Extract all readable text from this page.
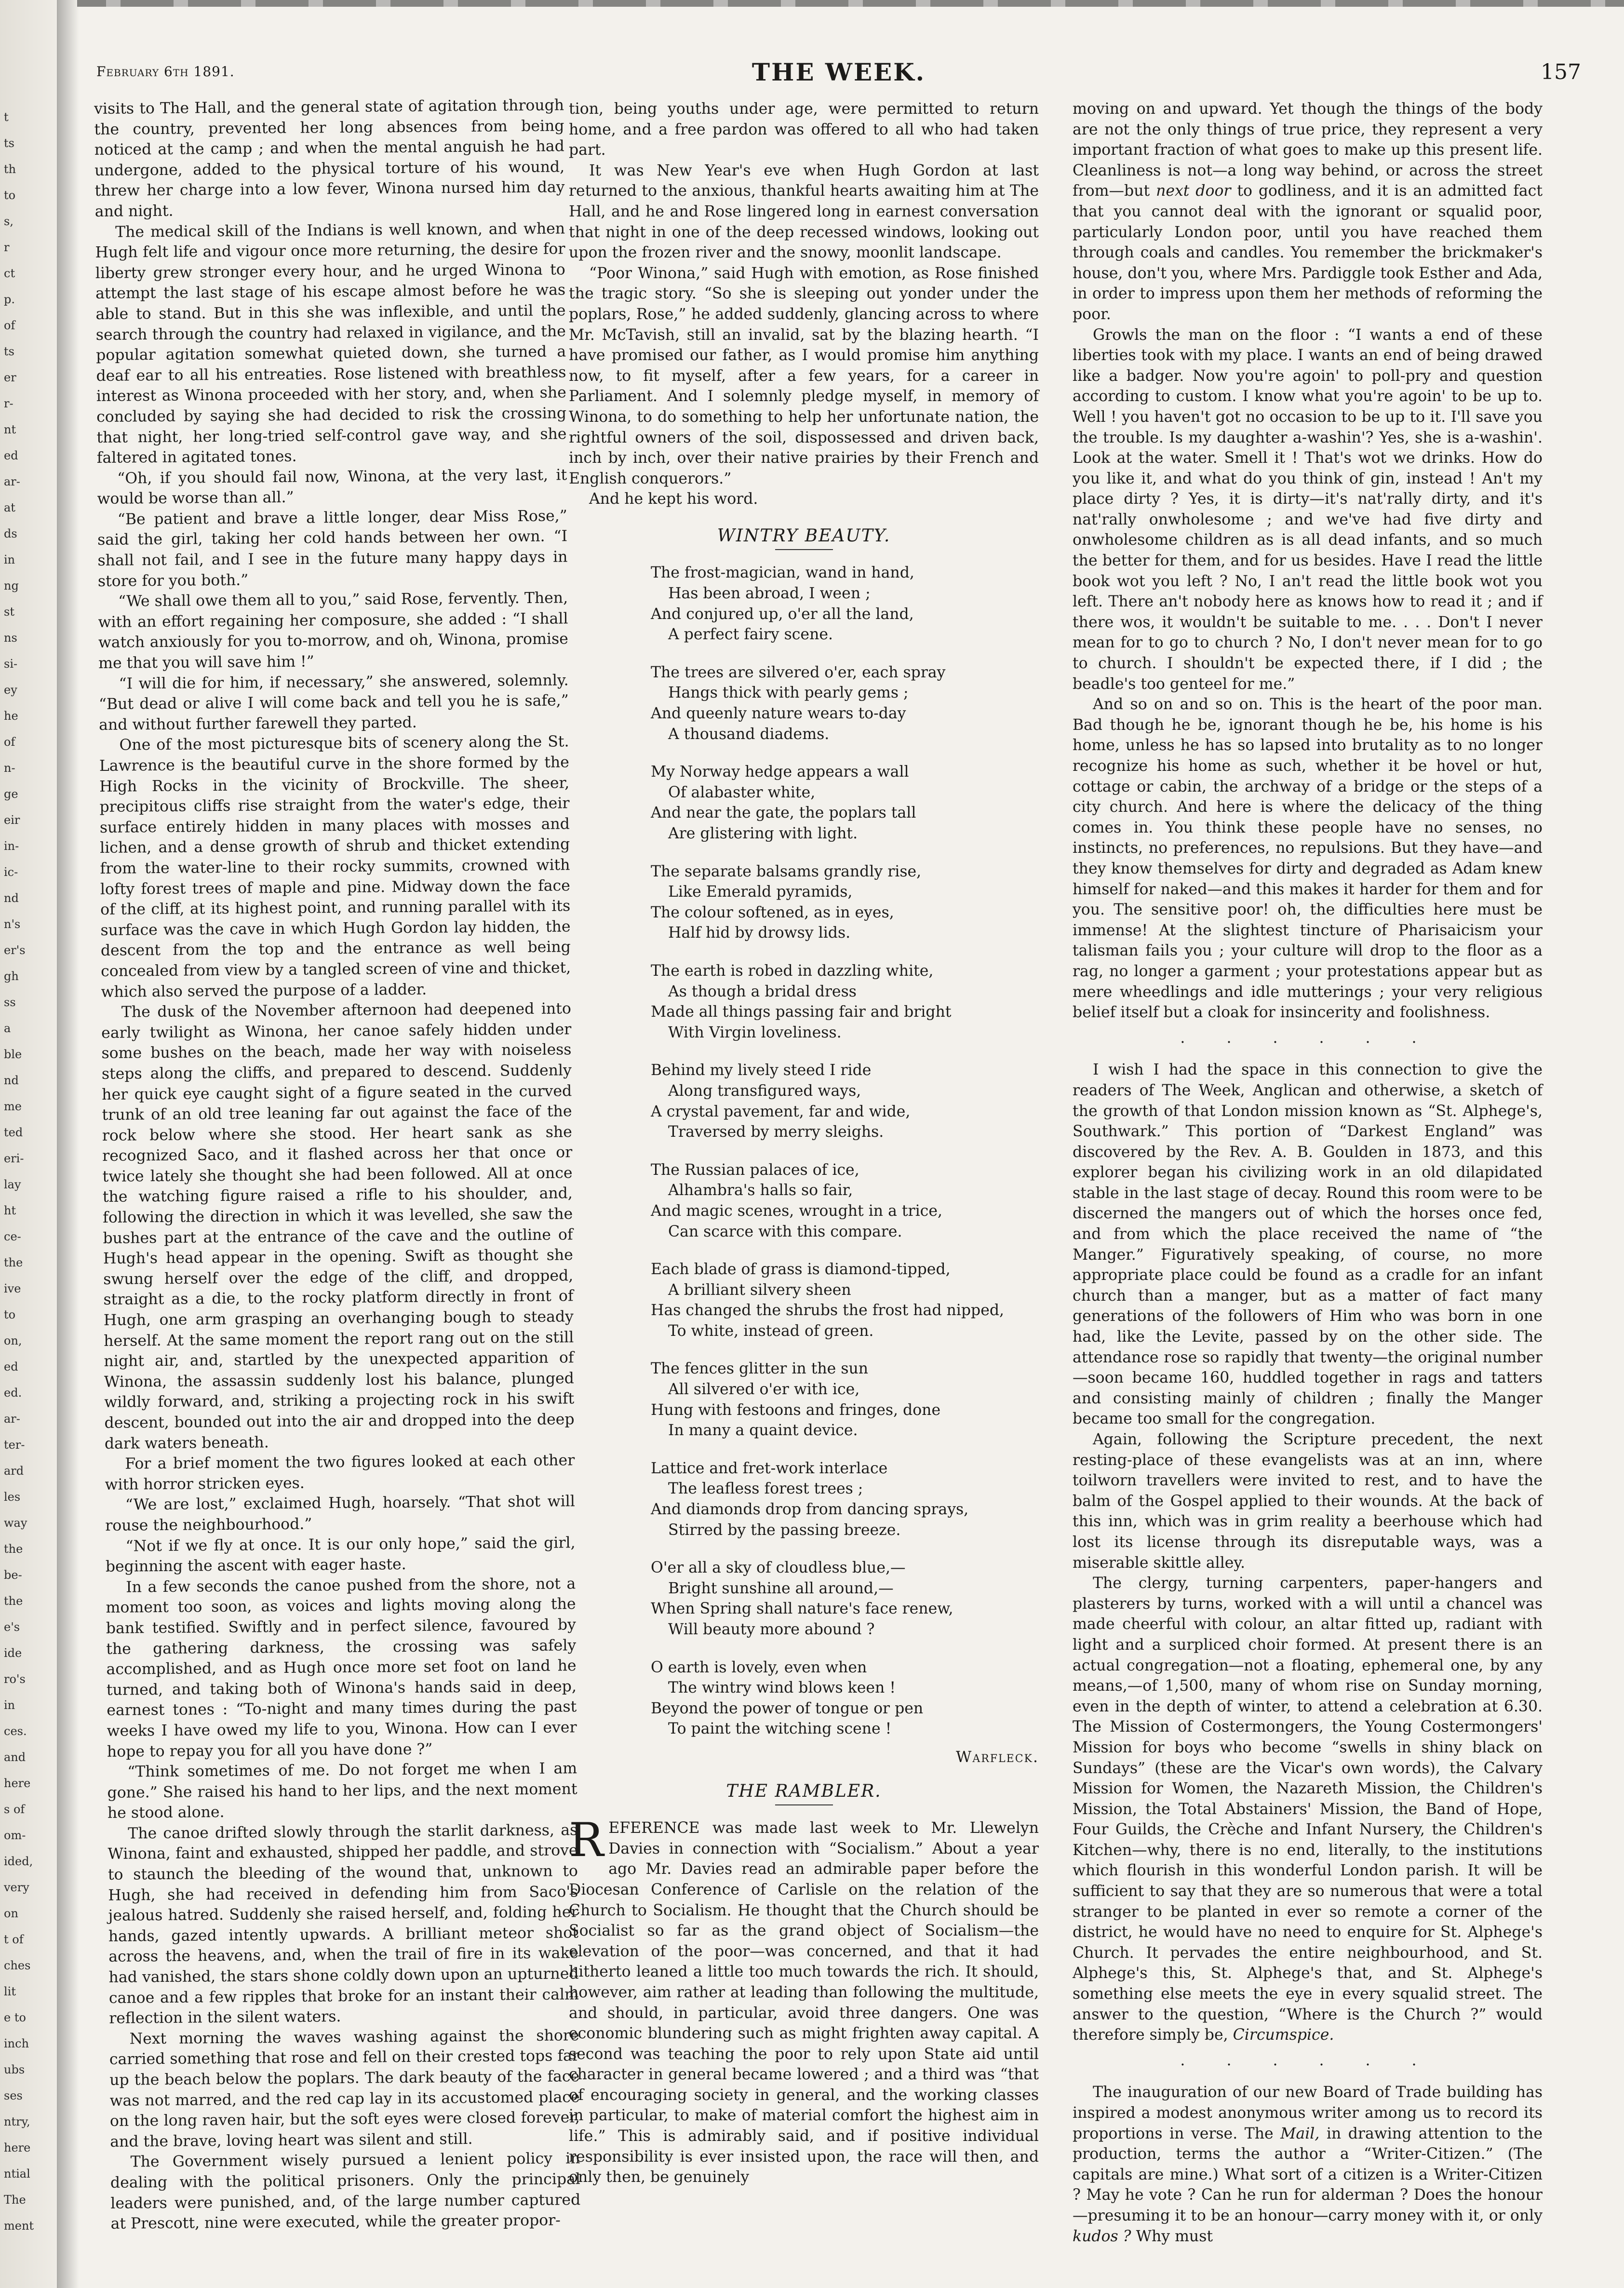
t
ts
th
to
s,
r
ct
p.
of
ts
er
r-
nt
ed
ar-
at
ds
in
ng
st
ns
si-
ey
he
of
n-
ge
eir
in-
ic-
nd
n's
er's
gh
ss
a
ble
nd
me
ted
eri-
lay
ht
ce-
the
ive
to
on,
ed
ed.
ar-
ter-
ard
les
way
the
be-
the
e's
ide
ro's
in
ces.
and
here
s of
om-
ided,
very
on
t of
ches
lit
e to
inch
ubs
ses
ntry,
here
ntial
The
ment
February 6th 1891.	THE WEEK.	157

visits to The Hall, and the general state of agitation through the country, prevented her long absences from being noticed at the camp ; and when the mental anguish he had undergone, added to the physical torture of his wound, threw her charge into a low fever, Winona nursed him day and night.

The medical skill of the Indians is well known, and when Hugh felt life and vigour once more returning, the desire for liberty grew stronger every hour, and he urged Winona to attempt the last stage of his escape almost before he was able to stand. But in this she was inflexible, and until the search through the country had relaxed in vigilance, and the popular agitation somewhat quieted down, she turned a deaf ear to all his entreaties. Rose listened with breathless interest as Winona proceeded with her story, and, when she concluded by saying she had decided to risk the crossing that night, her long-tried self-control gave way, and she faltered in agitated tones.

“Oh, if you should fail now, Winona, at the very last, it would be worse than all.”

“Be patient and brave a little longer, dear Miss Rose,” said the girl, taking her cold hands between her own. “I shall not fail, and I see in the future many happy days in store for you both.”

“We shall owe them all to you,” said Rose, fervently. Then, with an effort regaining her composure, she added : “I shall watch anxiously for you to-morrow, and oh, Winona, promise me that you will save him !”

“I will die for him, if necessary,” she answered, solemnly. “But dead or alive I will come back and tell you he is safe,” and without further farewell they parted.

One of the most picturesque bits of scenery along the St. Lawrence is the beautiful curve in the shore formed by the High Rocks in the vicinity of Brockville. The sheer, precipitous cliffs rise straight from the water's edge, their surface entirely hidden in many places with mosses and lichen, and a dense growth of shrub and thicket extending from the water-line to their rocky summits, crowned with lofty forest trees of maple and pine. Midway down the face of the cliff, at its highest point, and running parallel with its surface was the cave in which Hugh Gordon lay hidden, the descent from the top and the entrance as well being concealed from view by a tangled screen of vine and thicket, which also served the purpose of a ladder.

The dusk of the November afternoon had deepened into early twilight as Winona, her canoe safely hidden under some bushes on the beach, made her way with noiseless steps along the cliffs, and prepared to descend. Suddenly her quick eye caught sight of a figure seated in the curved trunk of an old tree leaning far out against the face of the rock below where she stood. Her heart sank as she recognized Saco, and it flashed across her that once or twice lately she thought she had been followed. All at once the watching figure raised a rifle to his shoulder, and, following the direction in which it was levelled, she saw the bushes part at the entrance of the cave and the outline of Hugh's head appear in the opening. Swift as thought she swung herself over the edge of the cliff, and dropped, straight as a die, to the rocky platform directly in front of Hugh, one arm grasping an overhanging bough to steady herself. At the same moment the report rang out on the still night air, and, startled by the unexpected apparition of Winona, the assassin suddenly lost his balance, plunged wildly forward, and, striking a projecting rock in his swift descent, bounded out into the air and dropped into the deep dark waters beneath.

For a brief moment the two figures looked at each other with horror stricken eyes.

“We are lost,” exclaimed Hugh, hoarsely. “That shot will rouse the neighbourhood.”

“Not if we fly at once. It is our only hope,” said the girl, beginning the ascent with eager haste.

In a few seconds the canoe pushed from the shore, not a moment too soon, as voices and lights moving along the bank testified. Swiftly and in perfect silence, favoured by the gathering darkness, the crossing was safely accomplished, and as Hugh once more set foot on land he turned, and taking both of Winona's hands said in deep, earnest tones : “To-night and many times during the past weeks I have owed my life to you, Winona. How can I ever hope to repay you for all you have done ?”

“Think sometimes of me. Do not forget me when I am gone.” She raised his hand to her lips, and the next moment he stood alone.

The canoe drifted slowly through the starlit darkness, as Winona, faint and exhausted, shipped her paddle, and strove to staunch the bleeding of the wound that, unknown to Hugh, she had received in defending him from Saco's jealous hatred. Suddenly she raised herself, and, folding her hands, gazed intently upwards. A brilliant meteor shot across the heavens, and, when the trail of fire in its wake had vanished, the stars shone coldly down upon an upturned canoe and a few ripples that broke for an instant their calm reflection in the silent waters.

Next morning the waves washing against the shore carried something that rose and fell on their crested tops far up the beach below the poplars. The dark beauty of the face was not marred, and the red cap lay in its accustomed place on the long raven hair, but the soft eyes were closed forever, and the brave, loving heart was silent and still.

The Government wisely pursued a lenient policy in dealing with the political prisoners. Only the principal leaders were punished, and, of the large number captured at Prescott, nine were executed, while the greater propor-

tion, being youths under age, were permitted to return home, and a free pardon was offered to all who had taken part.

It was New Year's eve when Hugh Gordon at last returned to the anxious, thankful hearts awaiting him at The Hall, and he and Rose lingered long in earnest conversation that night in one of the deep recessed windows, looking out upon the frozen river and the snowy, moonlit landscape.

“Poor Winona,” said Hugh with emotion, as Rose finished the tragic story. “So she is sleeping out yonder under the poplars, Rose,” he added suddenly, glancing across to where Mr. McTavish, still an invalid, sat by the blazing hearth. “I have promised our father, as I would promise him anything now, to fit myself, after a few years, for a career in Parliament. And I solemnly pledge myself, in memory of Winona, to do something to help her unfortunate nation, the rightful owners of the soil, dispossessed and driven back, inch by inch, over their native prairies by their French and English conquerors.”

And he kept his word.

WINTRY BEAUTY.
The frost-magician, wand in hand,
Has been abroad, I ween ;
And conjured up, o'er all the land,
A perfect fairy scene.
The trees are silvered o'er, each spray
Hangs thick with pearly gems ;
And queenly nature wears to-day
A thousand diadems.
My Norway hedge appears a wall
Of alabaster white,
And near the gate, the poplars tall
Are glistering with light.
The separate balsams grandly rise,
Like Emerald pyramids,
The colour softened, as in eyes,
Half hid by drowsy lids.
The earth is robed in dazzling white,
As though a bridal dress
Made all things passing fair and bright
With Virgin loveliness.
Behind my lively steed I ride
Along transfigured ways,
A crystal pavement, far and wide,
Traversed by merry sleighs.
The Russian palaces of ice,
Alhambra's halls so fair,
And magic scenes, wrought in a trice,
Can scarce with this compare.
Each blade of grass is diamond-tipped,
A brilliant silvery sheen
Has changed the shrubs the frost had nipped,
To white, instead of green.
The fences glitter in the sun
All silvered o'er with ice,
Hung with festoons and fringes, done
In many a quaint device.
Lattice and fret-work interlace
The leafless forest trees ;
And diamonds drop from dancing sprays,
Stirred by the passing breeze.
O'er all a sky of cloudless blue,—
Bright sunshine all around,—
When Spring shall nature's face renew,
Will beauty more abound ?
O earth is lovely, even when
The wintry wind blows keen !
Beyond the power of tongue or pen
To paint the witching scene !
Warfleck.
THE RAMBLER.

REFERENCE was made last week to Mr. Llewelyn Davies in connection with “Socialism.” About a year ago Mr. Davies read an admirable paper before the Diocesan Conference of Carlisle on the relation of the Church to Socialism. He thought that the Church should be Socialist so far as the grand object of Socialism—the elevation of the poor—was concerned, and that it had hitherto leaned a little too much towards the rich. It should, however, aim rather at leading than following the multitude, and should, in particular, avoid three dangers. One was economic blundering such as might frighten away capital. A second was teaching the poor to rely upon State aid until character in general became lowered ; and a third was “that of encouraging society in general, and the working classes in particular, to make of material comfort the highest aim in life.” This is admirably said, and if positive individual responsibility is ever insisted upon, the race will then, and only then, be genuinely

moving on and upward. Yet though the things of the body are not the only things of true price, they represent a very important fraction of what goes to make up this present life. Cleanliness is not—a long way behind, or across the street from—but next door to godliness, and it is an admitted fact that you cannot deal with the ignorant or squalid poor, particularly London poor, until you have reached them through coals and candles. You remember the brickmaker's house, don't you, where Mrs. Pardiggle took Esther and Ada, in order to impress upon them her methods of reforming the poor.

Growls the man on the floor : “I wants a end of these liberties took with my place. I wants an end of being drawed like a badger. Now you're agoin' to poll-pry and question according to custom. I know what you're agoin' to be up to. Well ! you haven't got no occasion to be up to it. I'll save you the trouble. Is my daughter a-washin'? Yes, she is a-washin'. Look at the water. Smell it ! That's wot we drinks. How do you like it, and what do you think of gin, instead ! An't my place dirty ? Yes, it is dirty—it's nat'rally dirty, and it's nat'rally onwholesome ; and we've had five dirty and onwholesome children as is all dead infants, and so much the better for them, and for us besides. Have I read the little book wot you left ? No, I an't read the little book wot you left. There an't nobody here as knows how to read it ; and if there wos, it wouldn't be suitable to me. . . . Don't I never mean for to go to church ? No, I don't never mean for to go to church. I shouldn't be expected there, if I did ; the beadle's too genteel for me.”

And so on and so on. This is the heart of the poor man. Bad though he be, ignorant though he be, his home is his home, unless he has so lapsed into brutality as to no longer recognize his home as such, whether it be hovel or hut, cottage or cabin, the archway of a bridge or the steps of a city church. And here is where the delicacy of the thing comes in. You think these people have no senses, no instincts, no preferences, no repulsions. But they have—and they know themselves for dirty and degraded as Adam knew himself for naked—and this makes it harder for them and for you. The sensitive poor! oh, the difficulties here must be immense! At the slightest tincture of Pharisaicism your talisman fails you ; your culture will drop to the floor as a rag, no longer a garment ; your protestations appear but as mere wheedlings and idle mutterings ; your very religious belief itself but a cloak for insincerity and foolishness.

. . . . . .

I wish I had the space in this connection to give the readers of The Week, Anglican and otherwise, a sketch of the growth of that London mission known as “St. Alphege's, Southwark.” This portion of “Darkest England” was discovered by the Rev. A. B. Goulden in 1873, and this explorer began his civilizing work in an old dilapidated stable in the last stage of decay. Round this room were to be discerned the mangers out of which the horses once fed, and from which the place received the name of “the Manger.” Figuratively speaking, of course, no more appropriate place could be found as a cradle for an infant church than a manger, but as a matter of fact many generations of the followers of Him who was born in one had, like the Levite, passed by on the other side. The attendance rose so rapidly that twenty—the original number—soon became 160, huddled together in rags and tatters and consisting mainly of children ; finally the Manger became too small for the congregation.

Again, following the Scripture precedent, the next resting-place of these evangelists was at an inn, where toilworn travellers were invited to rest, and to have the balm of the Gospel applied to their wounds. At the back of this inn, which was in grim reality a beerhouse which had lost its license through its disreputable ways, was a miserable skittle alley.

The clergy, turning carpenters, paper-hangers and plasterers by turns, worked with a will until a chancel was made cheerful with colour, an altar fitted up, radiant with light and a surpliced choir formed. At present there is an actual congregation—not a floating, ephemeral one, by any means,—of 1,500, many of whom rise on Sunday morning, even in the depth of winter, to attend a celebration at 6.30. The Mission of Costermongers, the Young Costermongers' Mission for boys who become “swells in shiny black on Sundays” (these are the Vicar's own words), the Calvary Mission for Women, the Nazareth Mission, the Children's Mission, the Total Abstainers' Mission, the Band of Hope, Four Guilds, the Crèche and Infant Nursery, the Children's Kitchen—why, there is no end, literally, to the institutions which flourish in this wonderful London parish. It will be sufficient to say that they are so numerous that were a total stranger to be planted in ever so remote a corner of the district, he would have no need to enquire for St. Alphege's Church. It pervades the entire neighbourhood, and St. Alphege's this, St. Alphege's that, and St. Alphege's something else meets the eye in every squalid street. The answer to the question, “Where is the Church ?” would therefore simply be, Circumspice.

. . . . . .

The inauguration of our new Board of Trade building has inspired a modest anonymous writer among us to record its proportions in verse. The Mail, in drawing attention to the production, terms the author a “Writer-Citizen.” (The capitals are mine.) What sort of a citizen is a Writer-Citizen ? May he vote ? Can he run for alderman ? Does the honour—presuming it to be an honour—carry money with it, or only kudos ? Why must
